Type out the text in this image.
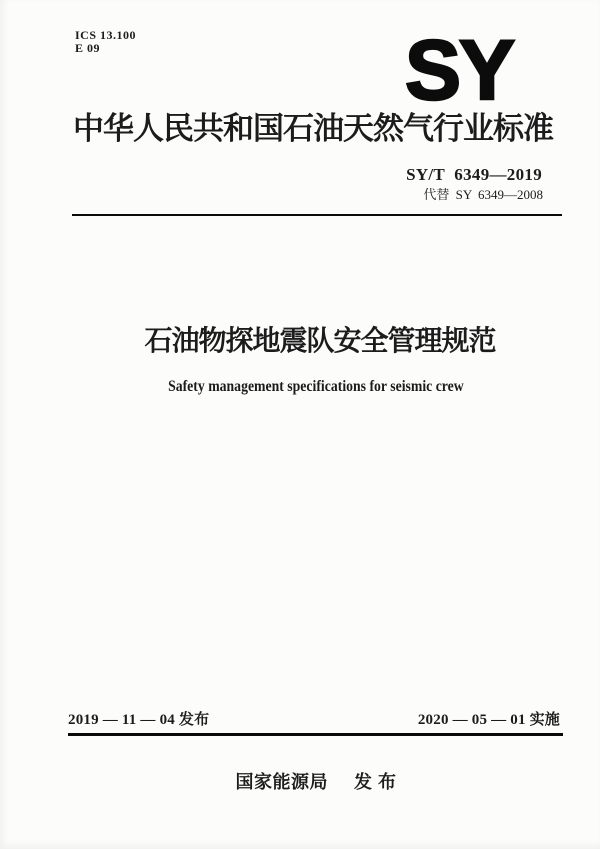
ICS 13.100
E 09	SY
中华人民共和国石油天然气行业标准
SY/T 6349—2019
代替 SY 6349—2008
石油物探地震队安全管理规范
Safety management specifications for seismic crew
2019 — 11 — 04 发布	2020 — 05 — 01 实施
国家能源局 发 布
